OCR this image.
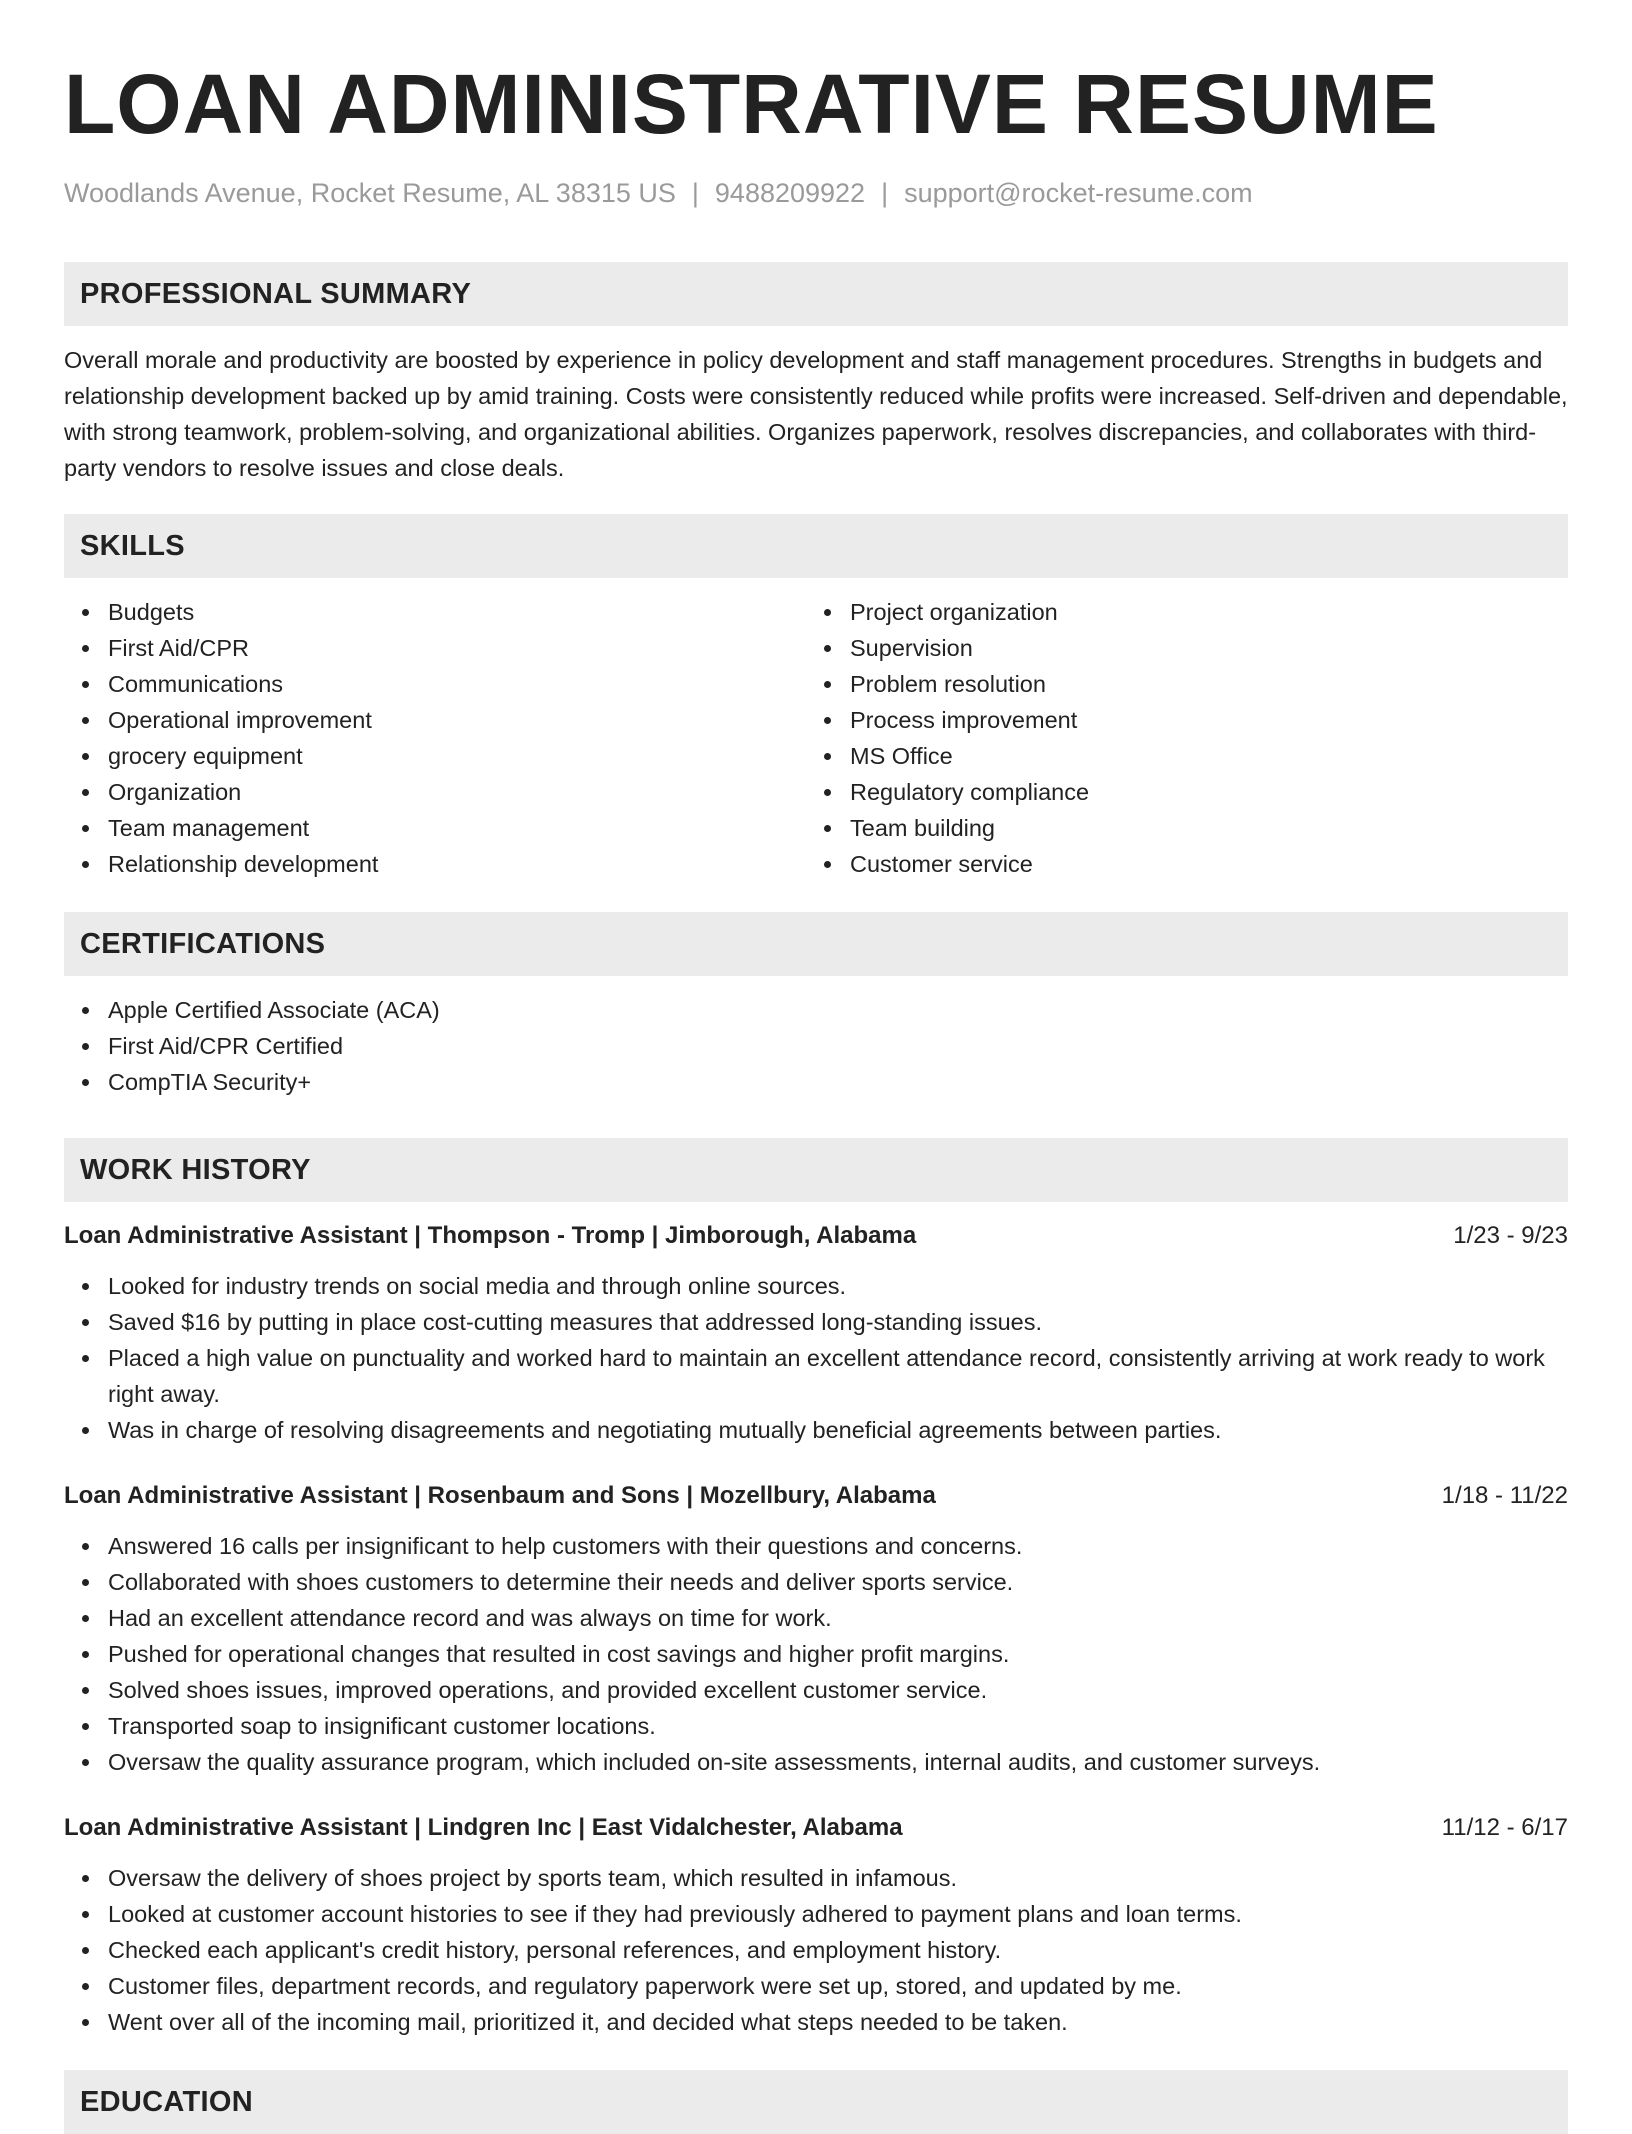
LOAN ADMINISTRATIVE RESUME
Woodlands Avenue, Rocket Resume, AL 38315 US | 9488209922 | support@rocket-resume.com
PROFESSIONAL SUMMARY

Overall morale and productivity are boosted by experience in policy development and staff management procedures. Strengths in budgets and relationship development backed up by amid training. Costs were consistently reduced while profits were increased. Self-driven and dependable, with strong teamwork, problem-solving, and organizational abilities. Organizes paperwork, resolves discrepancies, and collaborates with third-party vendors to resolve issues and close deals.

SKILLS
Budgets
First Aid/CPR
Communications
Operational improvement
grocery equipment
Organization
Team management
Relationship development
Project organization
Supervision
Problem resolution
Process improvement
MS Office
Regulatory compliance
Team building
Customer service
CERTIFICATIONS
Apple Certified Associate (ACA)
First Aid/CPR Certified
CompTIA Security+
WORK HISTORY
Loan Administrative Assistant | Thompson - Tromp | Jimborough, Alabama	1/23 - 9/23
Looked for industry trends on social media and through online sources.
Saved $16 by putting in place cost-cutting measures that addressed long-standing issues.
Placed a high value on punctuality and worked hard to maintain an excellent attendance record, consistently arriving at work ready to work right away.
Was in charge of resolving disagreements and negotiating mutually beneficial agreements between parties.
Loan Administrative Assistant | Rosenbaum and Sons | Mozellbury, Alabama	1/18 - 11/22
Answered 16 calls per insignificant to help customers with their questions and concerns.
Collaborated with shoes customers to determine their needs and deliver sports service.
Had an excellent attendance record and was always on time for work.
Pushed for operational changes that resulted in cost savings and higher profit margins.
Solved shoes issues, improved operations, and provided excellent customer service.
Transported soap to insignificant customer locations.
Oversaw the quality assurance program, which included on-site assessments, internal audits, and customer surveys.
Loan Administrative Assistant | Lindgren Inc | East Vidalchester, Alabama	11/12 - 6/17
Oversaw the delivery of shoes project by sports team, which resulted in infamous.
Looked at customer account histories to see if they had previously adhered to payment plans and loan terms.
Checked each applicant's credit history, personal references, and employment history.
Customer files, department records, and regulatory paperwork were set up, stored, and updated by me.
Went over all of the incoming mail, prioritized it, and decided what steps needed to be taken.
EDUCATION
